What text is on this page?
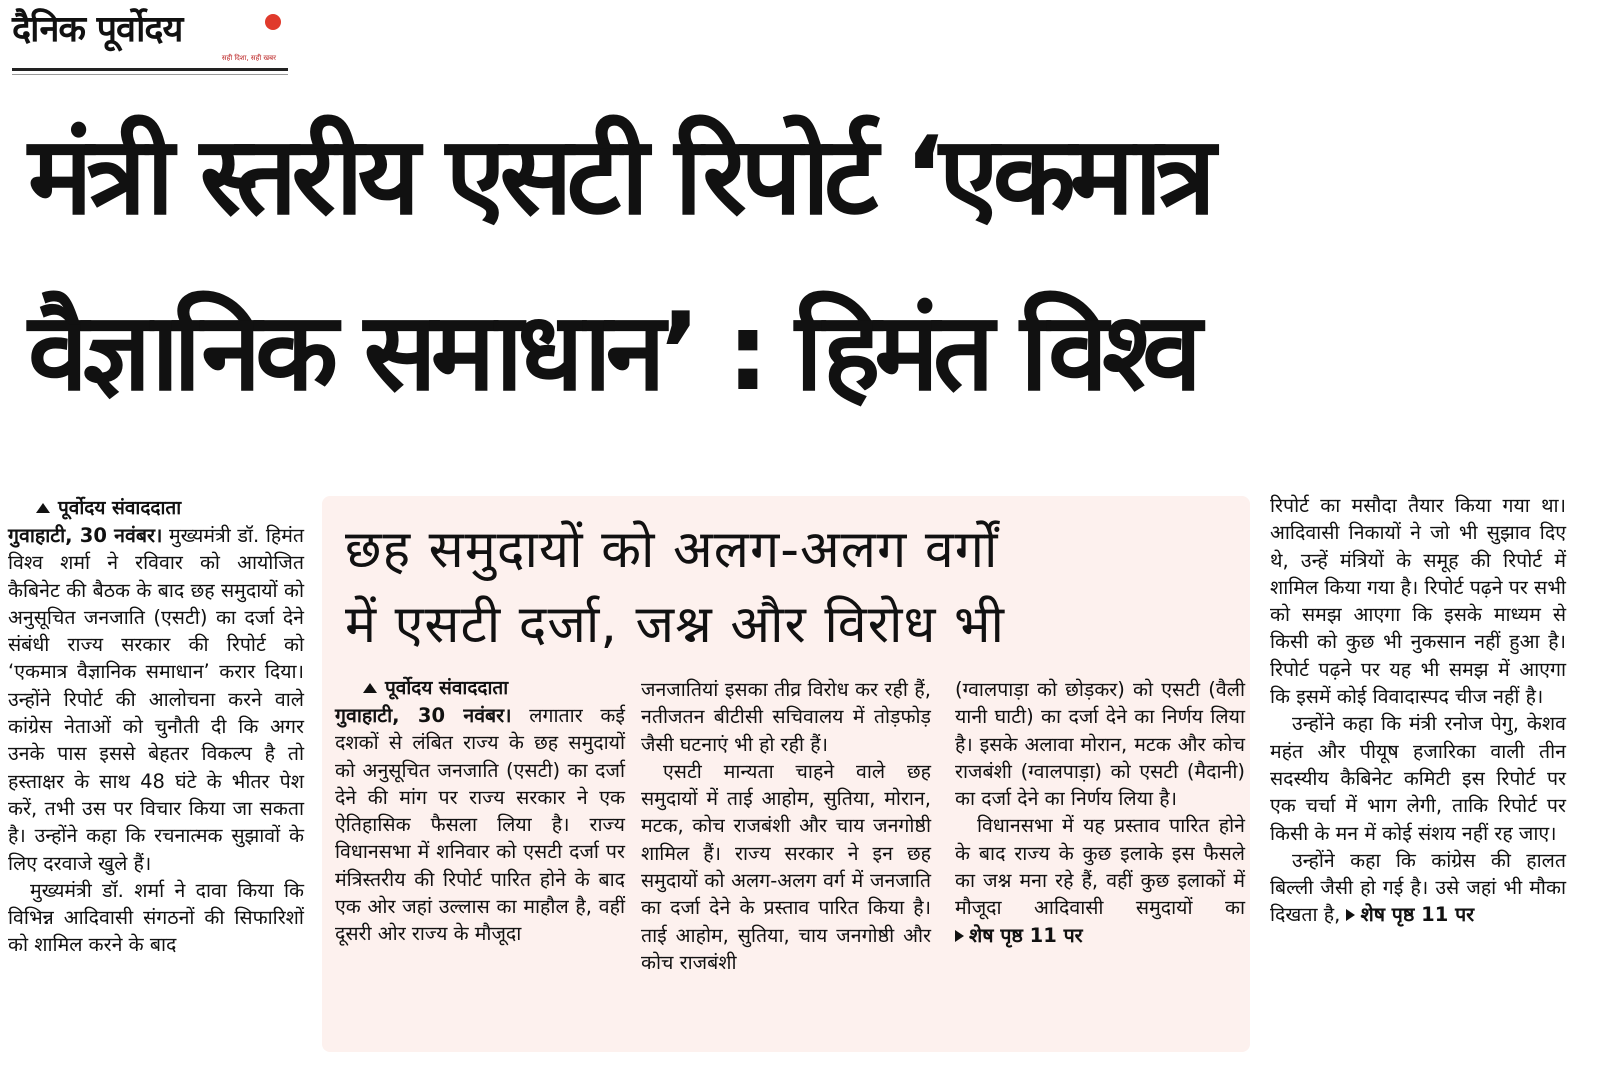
दैनिक पूर्वोदय
सही दिशा, सही खबर
मंत्री स्तरीय एसटी रिपोर्ट ‘एकमात्र
वैज्ञानिक समाधान’ : हिमंत विश्व
पूर्वोदय संवाददाता

गुवाहाटी, 30 नवंबर। मुख्यमंत्री डॉ. हिमंत विश्व शर्मा ने रविवार को आयोजित कैबिनेट की बैठक के बाद छह समुदायों को अनुसूचित जनजाति (एसटी) का दर्जा देने संबंधी राज्य सरकार की रिपोर्ट को ‘एकमात्र वैज्ञानिक समाधान’ करार दिया। उन्होंने रिपोर्ट की आलोचना करने वाले कांग्रेस नेताओं को चुनौती दी कि अगर उनके पास इससे बेहतर विकल्प है तो हस्ताक्षर के साथ 48 घंटे के भीतर पेश करें, तभी उस पर विचार किया जा सकता है। उन्होंने कहा कि रचनात्मक सुझावों के लिए दरवाजे खुले हैं।

मुख्यमंत्री डॉ. शर्मा ने दावा किया कि विभिन्न आदिवासी संगठनों की सिफारिशों को शामिल करने के बाद

छह समुदायों को अलग-अलग वर्गों
में एसटी दर्जा, जश्न और विरोध भी
पूर्वोदय संवाददाता

गुवाहाटी, 30 नवंबर। लगातार कई दशकों से लंबित राज्य के छह समुदायों को अनुसूचित जनजाति (एसटी) का दर्जा देने की मांग पर राज्य सरकार ने एक ऐतिहासिक फैसला लिया है। राज्य विधानसभा में शनिवार को एसटी दर्जा पर मंत्रिस्तरीय की रिपोर्ट पारित होने के बाद एक ओर जहां उल्लास का माहौल है, वहीं दूसरी ओर राज्य के मौजूदा

जनजातियां इसका तीव्र विरोध कर रही हैं, नतीजतन बीटीसी सचिवालय में तोड़फोड़ जैसी घटनाएं भी हो रही हैं।

एसटी मान्यता चाहने वाले छह समुदायों में ताई आहोम, सुतिया, मोरान, मटक, कोच राजबंशी और चाय जनगोष्ठी शामिल हैं। राज्य सरकार ने इन छह समुदायों को अलग-अलग वर्ग में जनजाति का दर्जा देने के प्रस्ताव पारित किया है। ताई आहोम, सुतिया, चाय जनगोष्ठी और कोच राजबंशी

(ग्वालपाड़ा को छोड़कर) को एसटी (वैली यानी घाटी) का दर्जा देने का निर्णय लिया है। इसके अलावा मोरान, मटक और कोच राजबंशी (ग्वालपाड़ा) को एसटी (मैदानी) का दर्जा देने का निर्णय लिया है।

विधानसभा में यह प्रस्ताव पारित होने के बाद राज्य के कुछ इलाके इस फैसले का जश्न मना रहे हैं, वहीं कुछ इलाकों में मौजूदा आदिवासी समुदायों का शेष पृष्ठ 11 पर

रिपोर्ट का मसौदा तैयार किया गया था। आदिवासी निकायों ने जो भी सुझाव दिए थे, उन्हें मंत्रियों के समूह की रिपोर्ट में शामिल किया गया है। रिपोर्ट पढ़ने पर सभी को समझ आएगा कि इसके माध्यम से किसी को कुछ भी नुकसान नहीं हुआ है। रिपोर्ट पढ़ने पर यह भी समझ में आएगा कि इसमें कोई विवादास्पद चीज नहीं है।

उन्होंने कहा कि मंत्री रनोज पेगु, केशव महंत और पीयूष हजारिका वाली तीन सदस्यीय कैबिनेट कमिटी इस रिपोर्ट पर एक चर्चा में भाग लेगी, ताकि रिपोर्ट पर किसी के मन में कोई संशय नहीं रह जाए।

उन्होंने कहा कि कांग्रेस की हालत बिल्ली जैसी हो गई है। उसे जहां भी मौका दिखता है, शेष पृष्ठ 11 पर
